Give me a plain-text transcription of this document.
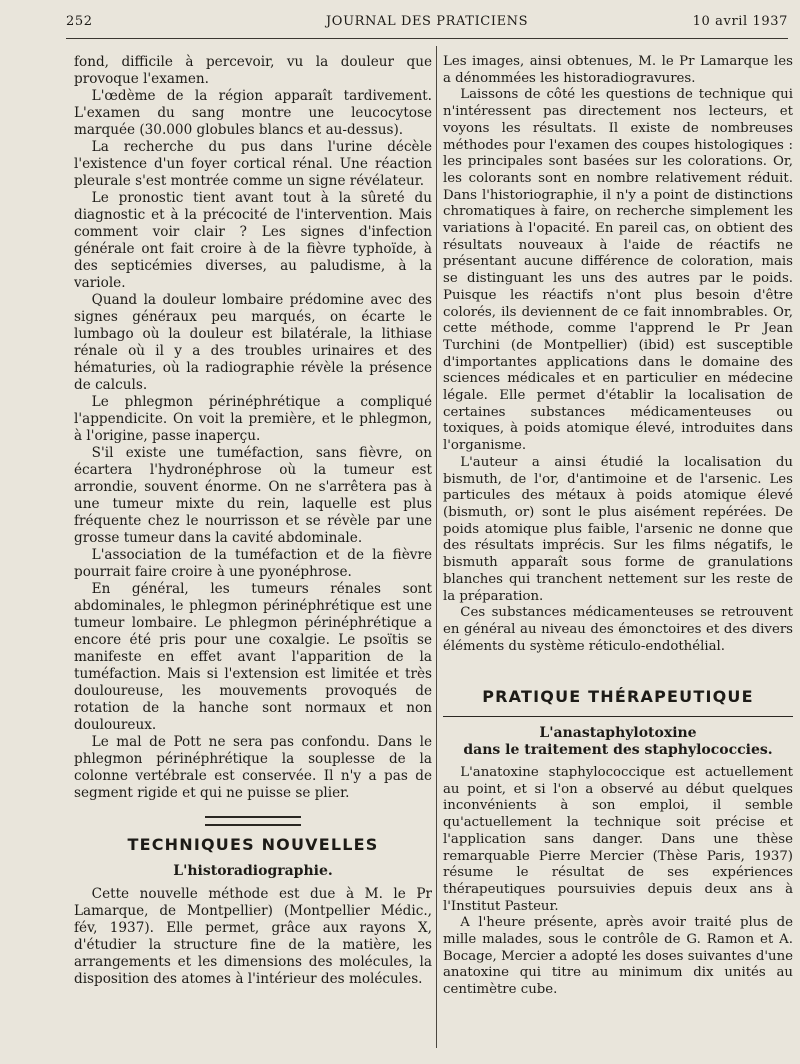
252	JOURNAL DES PRATICIENS	10 avril 1937

fond, difficile à percevoir, vu la douleur que provoque l'examen.

L'œdème de la région apparaît tardivement. L'examen du sang montre une leucocytose marquée (30.000 globules blancs et au-dessus).

La recherche du pus dans l'urine décèle l'existence d'un foyer cortical rénal. Une réaction pleurale s'est montrée comme un signe révélateur.

Le pronostic tient avant tout à la sûreté du diagnostic et à la précocité de l'intervention. Mais comment voir clair ? Les signes d'infection générale ont fait croire à de la fièvre typhoïde, à des septicémies diverses, au paludisme, à la variole.

Quand la douleur lombaire prédomine avec des signes généraux peu marqués, on écarte le lumbago où la douleur est bilatérale, la lithiase rénale où il y a des troubles urinaires et des hématuries, où la radiographie révèle la présence de calculs.

Le phlegmon périnéphrétique a compliqué l'appendicite. On voit la première, et le phlegmon, à l'origine, passe inaperçu.

S'il existe une tuméfaction, sans fièvre, on écartera l'hydronéphrose où la tumeur est arrondie, souvent énorme. On ne s'arrêtera pas à une tumeur mixte du rein, laquelle est plus fréquente chez le nourrisson et se révèle par une grosse tumeur dans la cavité abdominale.

L'association de la tuméfaction et de la fièvre pourrait faire croire à une pyonéphrose.

En général, les tumeurs rénales sont abdominales, le phlegmon périnéphrétique est une tumeur lombaire. Le phlegmon périnéphrétique a encore été pris pour une coxalgie. Le psoïtis se manifeste en effet avant l'apparition de la tuméfaction. Mais si l'extension est limitée et très douloureuse, les mouvements provoqués de rotation de la hanche sont normaux et non douloureux.

Le mal de Pott ne sera pas confondu. Dans le phlegmon périnéphrétique la souplesse de la colonne vertébrale est conservée. Il n'y a pas de segment rigide et qui ne puisse se plier.

TECHNIQUES NOUVELLES
L'historadiographie.

Cette nouvelle méthode est due à M. le Pr Lamarque, de Montpellier) (Montpellier Médic., fév, 1937). Elle permet, grâce aux rayons X, d'étudier la structure fine de la matière, les arrangements et les dimensions des molécules, la disposition des atomes à l'intérieur des molécules.

Les images, ainsi obtenues, M. le Pr Lamarque les a dénommées les historadiogravures.

Laissons de côté les questions de technique qui n'intéressent pas directement nos lecteurs, et voyons les résultats. Il existe de nombreuses méthodes pour l'examen des coupes histologiques : les principales sont basées sur les colorations. Or, les colorants sont en nombre relativement réduit. Dans l'historiographie, il n'y a point de distinctions chromatiques à faire, on recherche simplement les variations à l'opacité. En pareil cas, on obtient des résultats nouveaux à l'aide de réactifs ne présentant aucune différence de coloration, mais se distinguant les uns des autres par le poids. Puisque les réactifs n'ont plus besoin d'être colorés, ils deviennent de ce fait innombrables. Or, cette méthode, comme l'apprend le Pr Jean Turchini (de Montpellier) (ibid) est susceptible d'importantes applications dans le domaine des sciences médicales et en particulier en médecine légale. Elle permet d'établir la localisation de certaines substances médicamenteuses ou toxiques, à poids atomique élevé, introduites dans l'organisme.

L'auteur a ainsi étudié la localisation du bismuth, de l'or, d'antimoine et de l'arsenic. Les particules des métaux à poids atomique élevé (bismuth, or) sont le plus aisément repérées. De poids atomique plus faible, l'arsenic ne donne que des résultats imprécis. Sur les films négatifs, le bismuth apparaît sous forme de granulations blanches qui tranchent nettement sur les reste de la préparation.

Ces substances médicamenteuses se retrouvent en général au niveau des émonctoires et des divers éléments du système réticulo-endothélial.

PRATIQUE THÉRAPEUTIQUE
L'anastaphylotoxine
dans le traitement des staphylococcies.

L'anatoxine staphylococcique est actuellement au point, et si l'on a observé au début quelques inconvénients à son emploi, il semble qu'actuellement la technique soit précise et l'application sans danger. Dans une thèse remarquable Pierre Mercier (Thèse Paris, 1937) résume le résultat de ses expériences thérapeutiques poursuivies depuis deux ans à l'Institut Pasteur.

A l'heure présente, après avoir traité plus de mille malades, sous le contrôle de G. Ramon et A. Bocage, Mercier a adopté les doses suivantes d'une anatoxine qui titre au minimum dix unités au centimètre cube.
